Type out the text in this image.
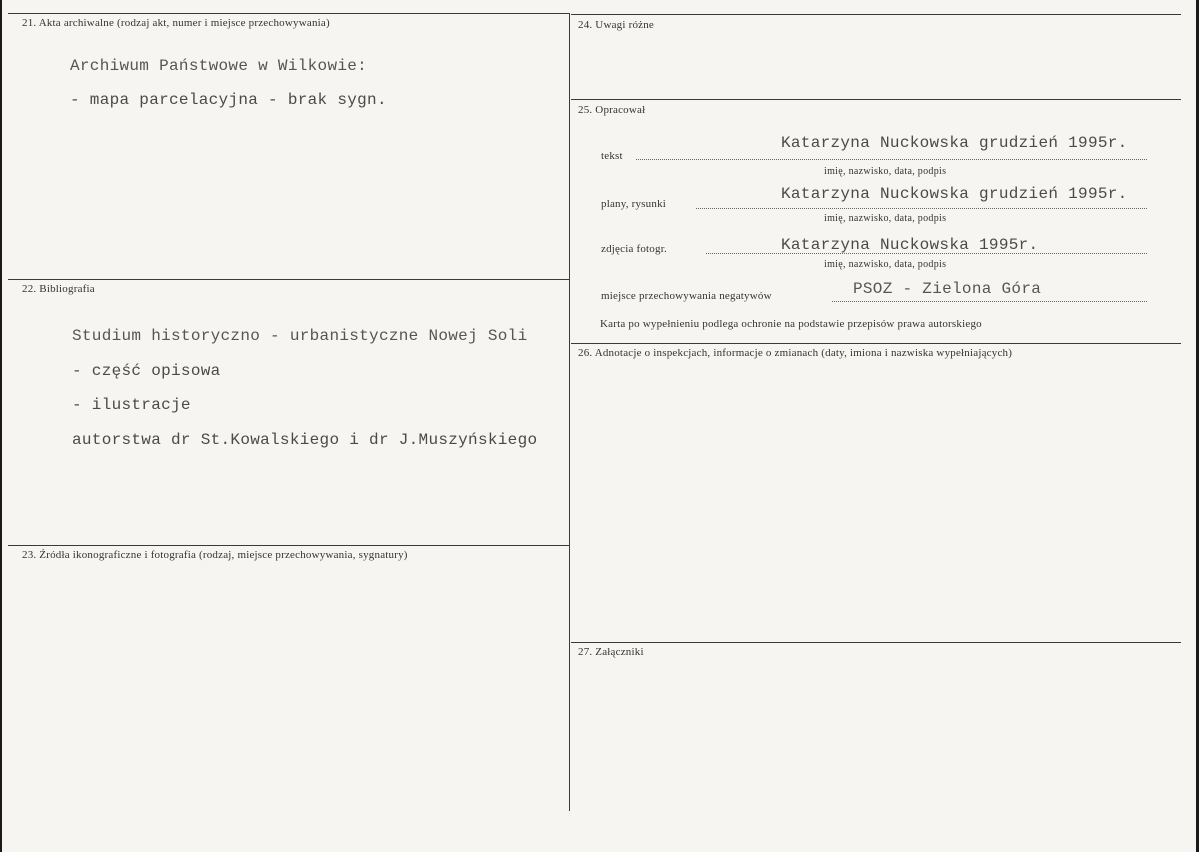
21. Akta archiwalne (rodzaj akt, numer i miejsce przechowywania)
Archiwum Państwowe w Wilkowie:
- mapa parcelacyjna - brak sygn.
22. Bibliografia
Studium historyczno - urbanistyczne Nowej Soli
- część opisowa
- ilustracje
autorstwa dr St.Kowalskiego i dr J.Muszyńskiego
23. Źródła ikonograficzne i fotografia (rodzaj, miejsce przechowywania, sygnatury)
24. Uwagi różne
25. Opracował
tekst
Katarzyna Nuckowska grudzień 1995r.
imię, nazwisko, data, podpis
plany, rysunki
Katarzyna Nuckowska grudzień 1995r.
imię, nazwisko, data, podpis
zdjęcia fotogr.	Katarzyna Nuckowska 1995r.
imię, nazwisko, data, podpis
miejsce przechowywania negatywów	PSOZ - Zielona Góra
Karta po wypełnieniu podlega ochronie na podstawie przepisów prawa autorskiego
26. Adnotacje o inspekcjach, informacje o zmianach (daty, imiona i nazwiska wypełniających)
27. Załączniki
